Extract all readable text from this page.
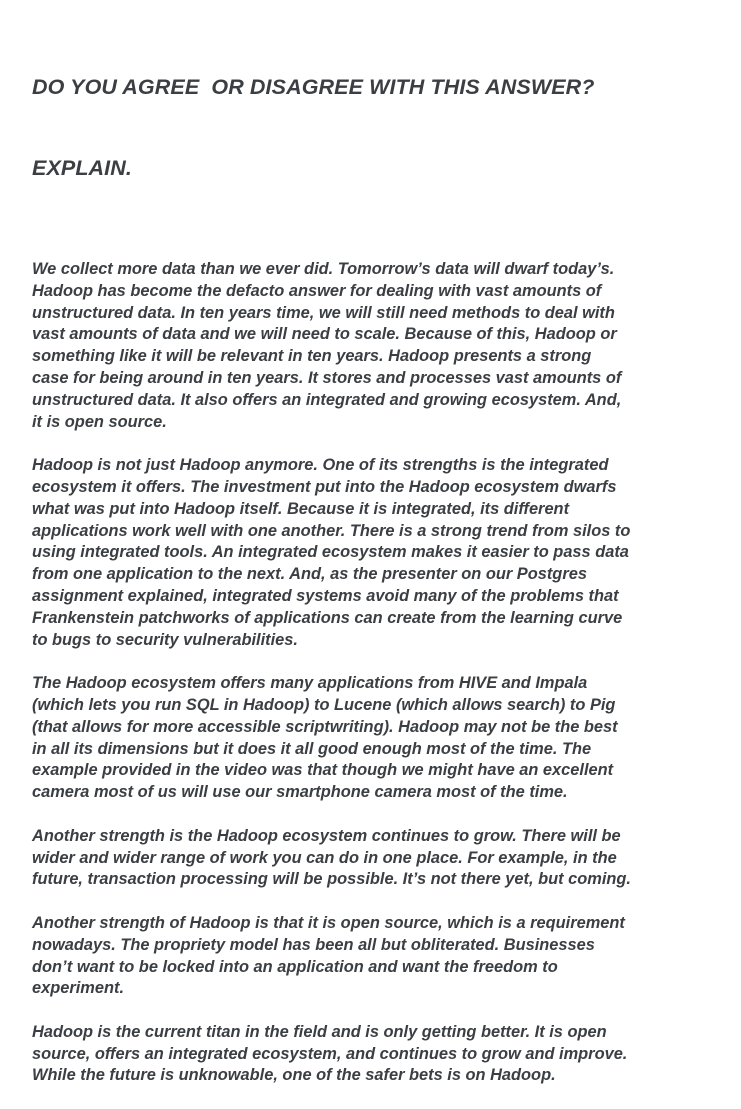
DO YOU AGREE  OR DISAGREE WITH THIS ANSWER?

EXPLAIN.

We collect more data than we ever did. Tomorrow’s data will dwarf today’s.
Hadoop has become the defacto answer for dealing with vast amounts of
unstructured data. In ten years time, we will still need methods to deal with
vast amounts of data and we will need to scale. Because of this, Hadoop or
something like it will be relevant in ten years. Hadoop presents a strong
case for being around in ten years. It stores and processes vast amounts of
unstructured data. It also offers an integrated and growing ecosystem. And,
it is open source.
Hadoop is not just Hadoop anymore. One of its strengths is the integrated
ecosystem it offers. The investment put into the Hadoop ecosystem dwarfs
what was put into Hadoop itself. Because it is integrated, its different
applications work well with one another. There is a strong trend from silos to
using integrated tools. An integrated ecosystem makes it easier to pass data
from one application to the next. And, as the presenter on our Postgres
assignment explained, integrated systems avoid many of the problems that
Frankenstein patchworks of applications can create from the learning curve
to bugs to security vulnerabilities.
The Hadoop ecosystem offers many applications from HIVE and Impala
(which lets you run SQL in Hadoop) to Lucene (which allows search) to Pig
(that allows for more accessible scriptwriting). Hadoop may not be the best
in all its dimensions but it does it all good enough most of the time. The
example provided in the video was that though we might have an excellent
camera most of us will use our smartphone camera most of the time.
Another strength is the Hadoop ecosystem continues to grow. There will be
wider and wider range of work you can do in one place. For example, in the
future, transaction processing will be possible. It’s not there yet, but coming.
Another strength of Hadoop is that it is open source, which is a requirement
nowadays. The propriety model has been all but obliterated. Businesses
don’t want to be locked into an application and want the freedom to
experiment.
Hadoop is the current titan in the field and is only getting better. It is open
source, offers an integrated ecosystem, and continues to grow and improve.
While the future is unknowable, one of the safer bets is on Hadoop.
